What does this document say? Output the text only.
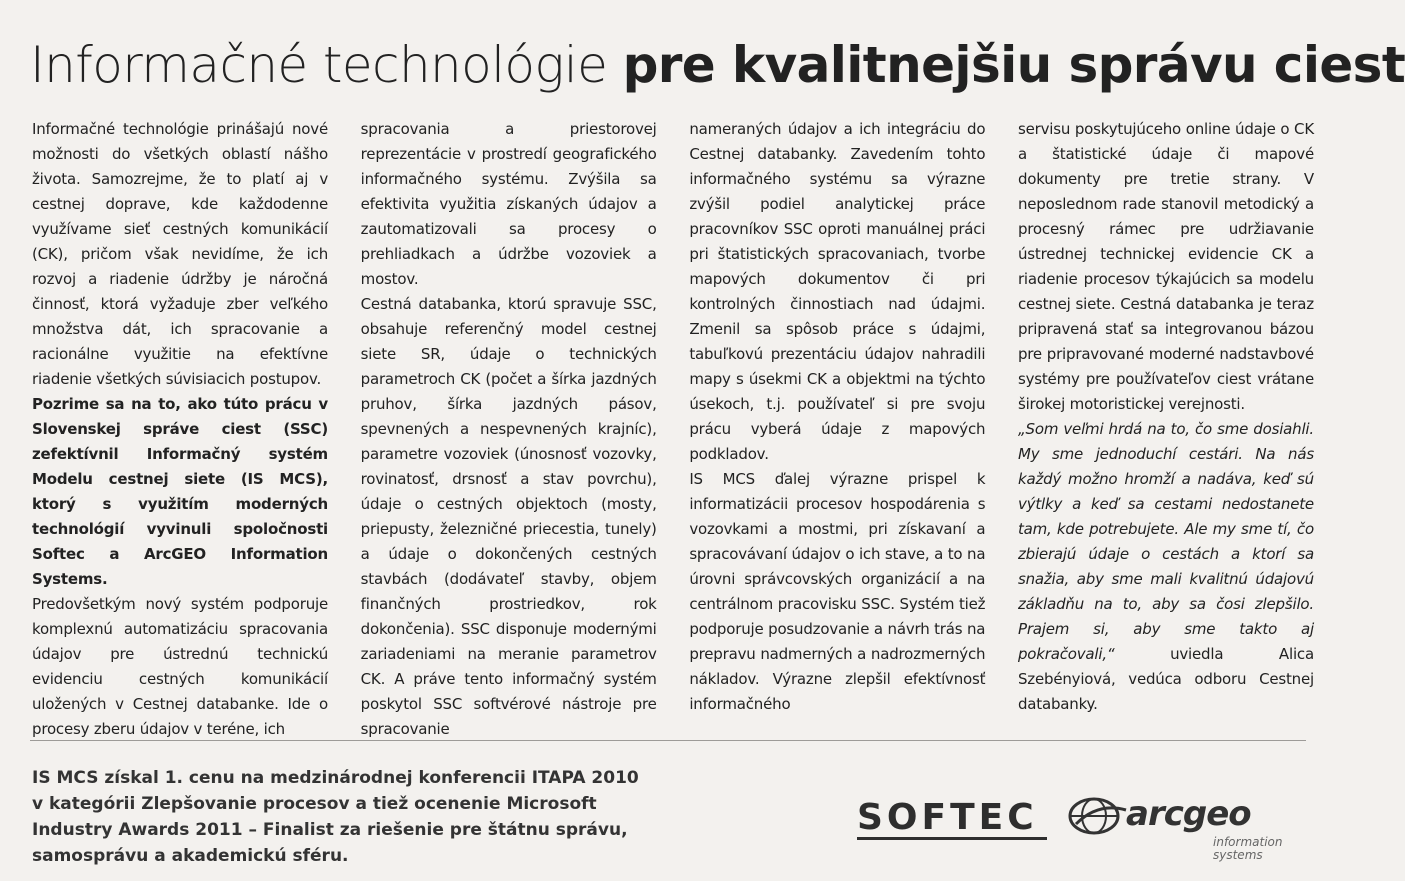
Informačné technológie pre kvalitnejšiu správu ciest

Informačné technológie prinášajú nové možnosti do všetkých oblastí nášho života. Samozrejme, že to platí aj v cestnej doprave, kde každodenne využívame sieť cestných komunikácií (CK), pričom však nevidíme, že ich rozvoj a riadenie údržby je náročná činnosť, ktorá vyžaduje zber veľkého množstva dát, ich spracovanie a racionálne využitie na efektívne riadenie všetkých súvisiacich postupov.

Pozrime sa na to, ako túto prácu v Slovenskej správe ciest (SSC) zefektívnil Informačný systém Modelu cestnej siete (IS MCS), ktorý s využitím moderných technológií vyvinuli spoločnosti Softec a ArcGEO Information Systems.

Predovšetkým nový systém podporuje komplexnú automatizáciu spracovania údajov pre ústrednú technickú evidenciu cestných komunikácií uložených v Cestnej databanke. Ide o procesy zberu údajov v teréne, ich

spracovania a priestorovej reprezentácie v prostredí geografického informačného systému. Zvýšila sa efektivita využitia získaných údajov a zautomatizovali sa procesy o prehliadkach a údržbe vozoviek a mostov.

Cestná databanka, ktorú spravuje SSC, obsahuje referenčný model cestnej siete SR, údaje o technických parametroch CK (počet a šírka jazdných pruhov, šírka jazdných pásov, spevnených a nespevnených krajníc), parametre vozoviek (únosnosť vozovky, rovinatosť, drsnosť a stav povrchu), údaje o cestných objektoch (mosty, priepusty, železničné priecestia, tunely) a údaje o dokončených cestných stavbách (dodávateľ stavby, objem finančných prostriedkov, rok dokončenia). SSC disponuje modernými zariadeniami na meranie parametrov CK. A práve tento informačný systém poskytol SSC softvérové nástroje pre spracovanie

nameraných údajov a ich integráciu do Cestnej databanky. Zavedením tohto informačného systému sa výrazne zvýšil podiel analytickej práce pracovníkov SSC oproti manuálnej práci pri štatistických spracovaniach, tvorbe mapových dokumentov či pri kontrolných činnostiach nad údajmi. Zmenil sa spôsob práce s údajmi, tabuľkovú prezentáciu údajov nahradili mapy s úsekmi CK a objektmi na týchto úsekoch, t.j. používateľ si pre svoju prácu vyberá údaje z mapových podkladov.

IS MCS ďalej výrazne prispel k informatizácii procesov hospodárenia s vozovkami a mostmi, pri získavaní a spracovávaní údajov o ich stave, a to na úrovni správcovských organizácií a na centrálnom pracovisku SSC. Systém tiež podporuje posudzovanie a návrh trás na prepravu nadmerných a nadrozmerných nákladov. Výrazne zlepšil efektívnosť informačného

servisu poskytujúceho online údaje o CK a štatistické údaje či mapové dokumenty pre tretie strany. V neposlednom rade stanovil metodický a procesný rámec pre udržiavanie ústrednej technickej evidencie CK a riadenie procesov týkajúcich sa modelu cestnej siete. Cestná databanka je teraz pripravená stať sa integrovanou bázou pre pripravované moderné nadstavbové systémy pre používateľov ciest vrátane širokej motoristickej verejnosti.

„Som veľmi hrdá na to, čo sme dosiahli. My sme jednoduchí cestári. Na nás každý možno hromží a nadáva, keď sú výtlky a keď sa cestami nedostanete tam, kde potrebujete. Ale my sme tí, čo zbierajú údaje o cestách a ktorí sa snažia, aby sme mali kvalitnú údajovú základňu na to, aby sa čosi zlepšilo. Prajem si, aby sme takto aj pokračovali,“ uviedla Alica Szebényiová, vedúca odboru Cestnej databanky.

IS MCS získal 1. cenu na medzinárodnej konferencii ITAPA 2010
v kategórii Zlepšovanie procesov a tiež ocenenie Microsoft
Industry Awards 2011 – Finalist za riešenie pre štátnu správu,
samosprávu a akademickú sféru.
SOFTEC	arcgeo
information
systems
